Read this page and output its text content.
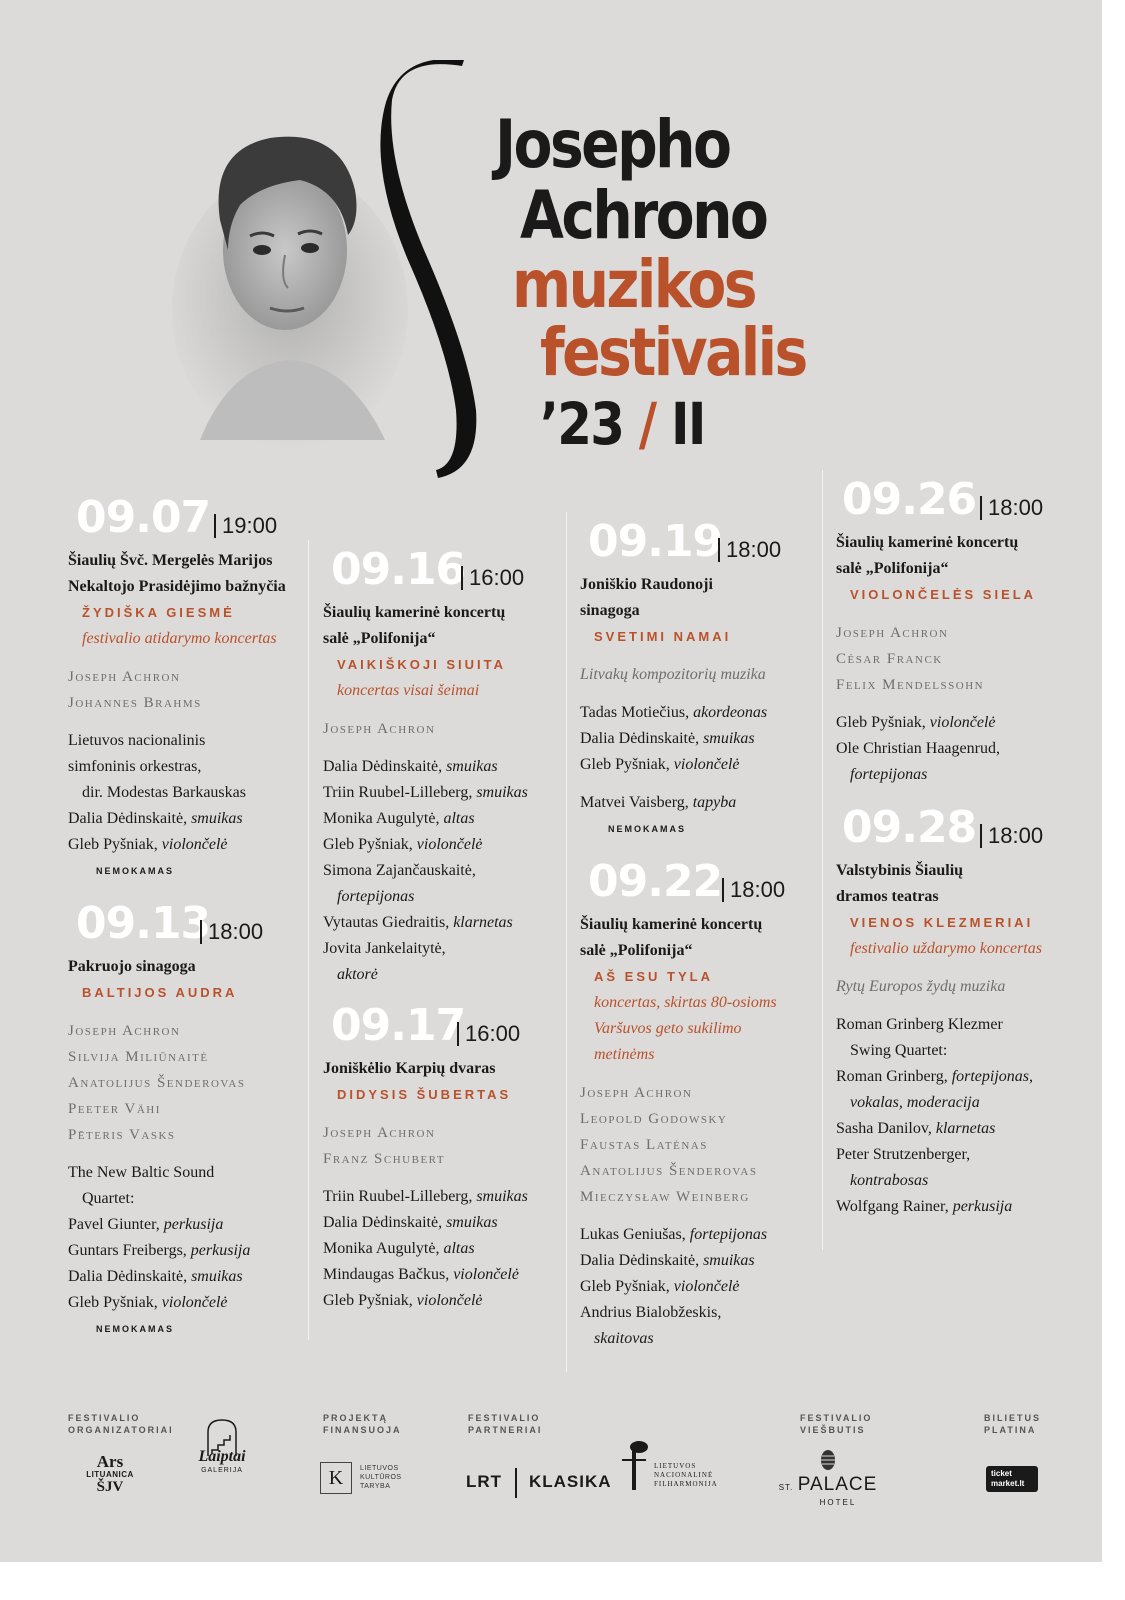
Josepho
Achrono
muzikos
festivalis
’23 / II
09.07 19:00
Šiaulių Švč. Mergelės Marijos
Nekaltojo Prasidėjimo bažnyčia
ŽYDIŠKA GIESMĖ
festivalio atidarymo koncertas
Joseph Achron
Johannes Brahms
Lietuvos nacionalinis
simfoninis orkestras,
dir. Modestas Barkauskas
Dalia Dėdinskaitė, smuikas
Gleb Pyšniak, violončelė
NEMOKAMAS
09.13
18:00
Pakruojo sinagoga
BALTIJOS AUDRA
Joseph Achron
Silvija Miliūnaitė
Anatolijus Šenderovas
Peeter Vähi
Pēteris Vasks
The New Baltic Sound
Quartet:
Pavel Giunter, perkusija
Guntars Freibergs, perkusija
Dalia Dėdinskaitė, smuikas
Gleb Pyšniak, violončelė
NEMOKAMAS
09.16 16:00
Šiaulių kamerinė koncertų
salė „Polifonija“
VAIKIŠKOJI SIUITA
koncertas visai šeimai
Joseph Achron
Dalia Dėdinskaitė, smuikas
Triin Ruubel-Lilleberg, smuikas
Monika Augulytė, altas
Gleb Pyšniak, violončelė
Simona Zajančauskaitė,
fortepijonas
Vytautas Giedraitis, klarnetas
Jovita Jankelaitytė,
aktorė
09.17 16:00
Joniškėlio Karpių dvaras
DIDYSIS ŠUBERTAS
Joseph Achron
Franz Schubert
Triin Ruubel-Lilleberg, smuikas
Dalia Dėdinskaitė, smuikas
Monika Augulytė, altas
Mindaugas Bačkus, violončelė
Gleb Pyšniak, violončelė
09.19 18:00
Joniškio Raudonoji
sinagoga
SVETIMI NAMAI
Litvakų kompozitorių muzika
Tadas Motiečius, akordeonas
Dalia Dėdinskaitė, smuikas
Gleb Pyšniak, violončelė
Matvei Vaisberg, tapyba
NEMOKAMAS
09.22 18:00
Šiaulių kamerinė koncertų
salė „Polifonija“
AŠ ESU TYLA
koncertas, skirtas 80-osioms
Varšuvos geto sukilimo
metinėms
Joseph Achron
Leopold Godowsky
Faustas Latėnas
Anatolijus Šenderovas
Mieczysław Weinberg
Lukas Geniušas, fortepijonas
Dalia Dėdinskaitė, smuikas
Gleb Pyšniak, violončelė
Andrius Bialobžeskis,
skaitovas
09.26 18:00
Šiaulių kamerinė koncertų
salė „Polifonija“
VIOLONČELĖS SIELA
Joseph Achron
César Franck
Felix Mendelssohn
Gleb Pyšniak, violončelė
Ole Christian Haagenrud,
fortepijonas
09.28 18:00
Valstybinis Šiaulių
dramos teatras
VIENOS KLEZMERIAI
festivalio uždarymo koncertas
Rytų Europos žydų muzika
Roman Grinberg Klezmer
Swing Quartet:
Roman Grinberg, fortepijonas,
vokalas, moderacija
Sasha Danilov, klarnetas
Peter Strutzenberger,
kontrabosas
Wolfgang Rainer, perkusija
FESTIVALIO
ORGANIZATORIAI
PROJEKTĄ
FINANSUOJA
FESTIVALIO
PARTNERIAI
FESTIVALIO
VIEŠBUTIS
BILIETUS
PLATINA
Ars
LITUANICA
ŠJV
Laiptai
GALERIJA	K	LIETUVOS
KULTŪROS
TARYBA	LRT KLASIKA
LIETUVOS
NACIONALINĖ
FILHARMONIJA	ST. PALACE
HOTEL
ticket
market.lt
